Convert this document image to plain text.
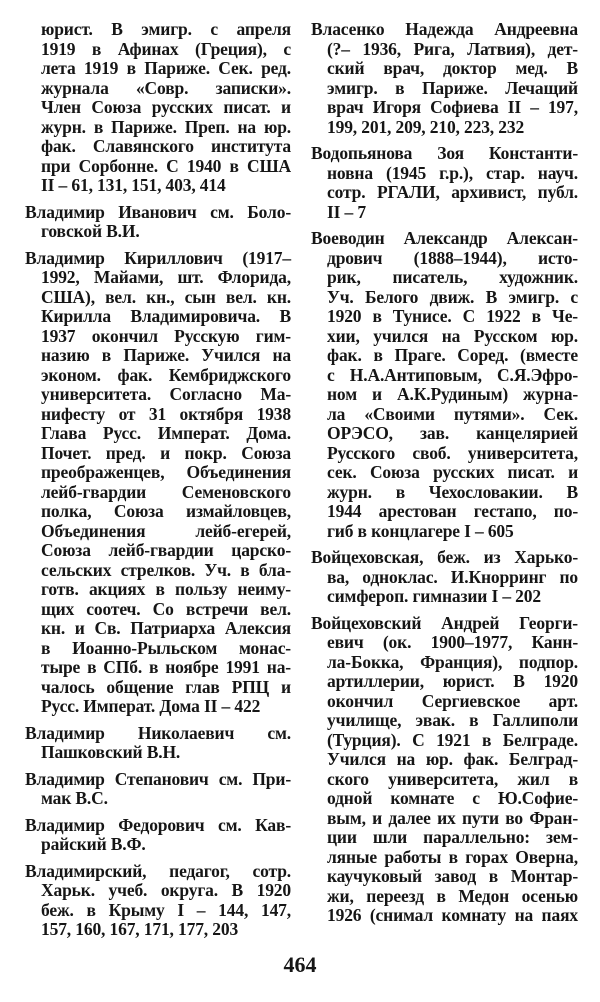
юрист. В эмигр. с апреля
1919 в Афинах (Греция), с
лета 1919 в Париже. Сек. ред.
журнала «Совр. записки».
Член Союза русских писат. и
журн. в Париже. Преп. на юр.
фак. Славянского института
при Сорбонне. С 1940 в США
II – 61, 131, 151, 403, 414
Владимир Иванович см. Боло-
говской В.И.
Владимир Кириллович (1917–
1992, Майами, шт. Флорида,
США), вел. кн., сын вел. кн.
Кирилла Владимировича. В
1937 окончил Русскую гим-
назию в Париже. Учился на
эконом. фак. Кембриджского
университета. Согласно Ма-
нифесту от 31 октября 1938
Глава Русс. Императ. Дома.
Почет. пред. и покр. Союза
преображенцев, Объединения
лейб-гвардии Семеновского
полка, Союза измайловцев,
Объединения лейб-егерей,
Союза лейб-гвардии царско-
сельских стрелков. Уч. в бла-
готв. акциях в пользу неиму-
щих соотеч. Со встречи вел.
кн. и Св. Патриарха Алексия
в Иоанно-Рыльском монас-
тыре в СПб. в ноябре 1991 на-
чалось общение глав РПЦ и
Русс. Императ. Дома II – 422
Владимир Николаевич см.
Пашковский В.Н.
Владимир Степанович см. При-
мак В.С.
Владимир Федорович см. Кав-
райский В.Ф.
Владимирский, педагог, сотр.
Харьк. учеб. округа. В 1920
беж. в Крыму I – 144, 147,
157, 160, 167, 171, 177, 203
Власенко Надежда Андреевна
(?– 1936, Рига, Латвия), дет-
ский врач, доктор мед. В
эмигр. в Париже. Лечащий
врач Игоря Софиева II – 197,
199, 201, 209, 210, 223, 232
Водопьянова Зоя Константи-
новна (1945 г.р.), стар. науч.
сотр. РГАЛИ, архивист, публ.
II – 7
Воеводин Александр Алексан-
дрович (1888–1944), исто-
рик, писатель, художник.
Уч. Белого движ. В эмигр. с
1920 в Тунисе. С 1922 в Че-
хии, учился на Русском юр.
фак. в Праге. Соред. (вместе
с Н.А.Антиповым, С.Я.Эфро-
ном и А.К.Рудиным) журна-
ла «Своими путями». Сек.
ОРЭСО, зав. канцелярией
Русского своб. университета,
сек. Союза русских писат. и
журн. в Чехословакии. В
1944 арестован гестапо, по-
гиб в концлагере I – 605
Войцеховская, беж. из Харько-
ва, одноклас. И.Кнорринг по
симфероп. гимназии I – 202
Войцеховский Андрей Георги-
евич (ок. 1900–1977, Канн-
ла-Бокка, Франция), подпор.
артиллерии, юрист. В 1920
окончил Сергиевское арт.
училище, эвак. в Галлиполи
(Турция). С 1921 в Белграде.
Учился на юр. фак. Белград-
ского университета, жил в
одной комнате с Ю.Софие-
вым, и далее их пути во Фран-
ции шли параллельно: зем-
ляные работы в горах Оверна,
каучуковый завод в Монтар-
жи, переезд в Медон осенью
1926 (снимал комнату на паях
464
